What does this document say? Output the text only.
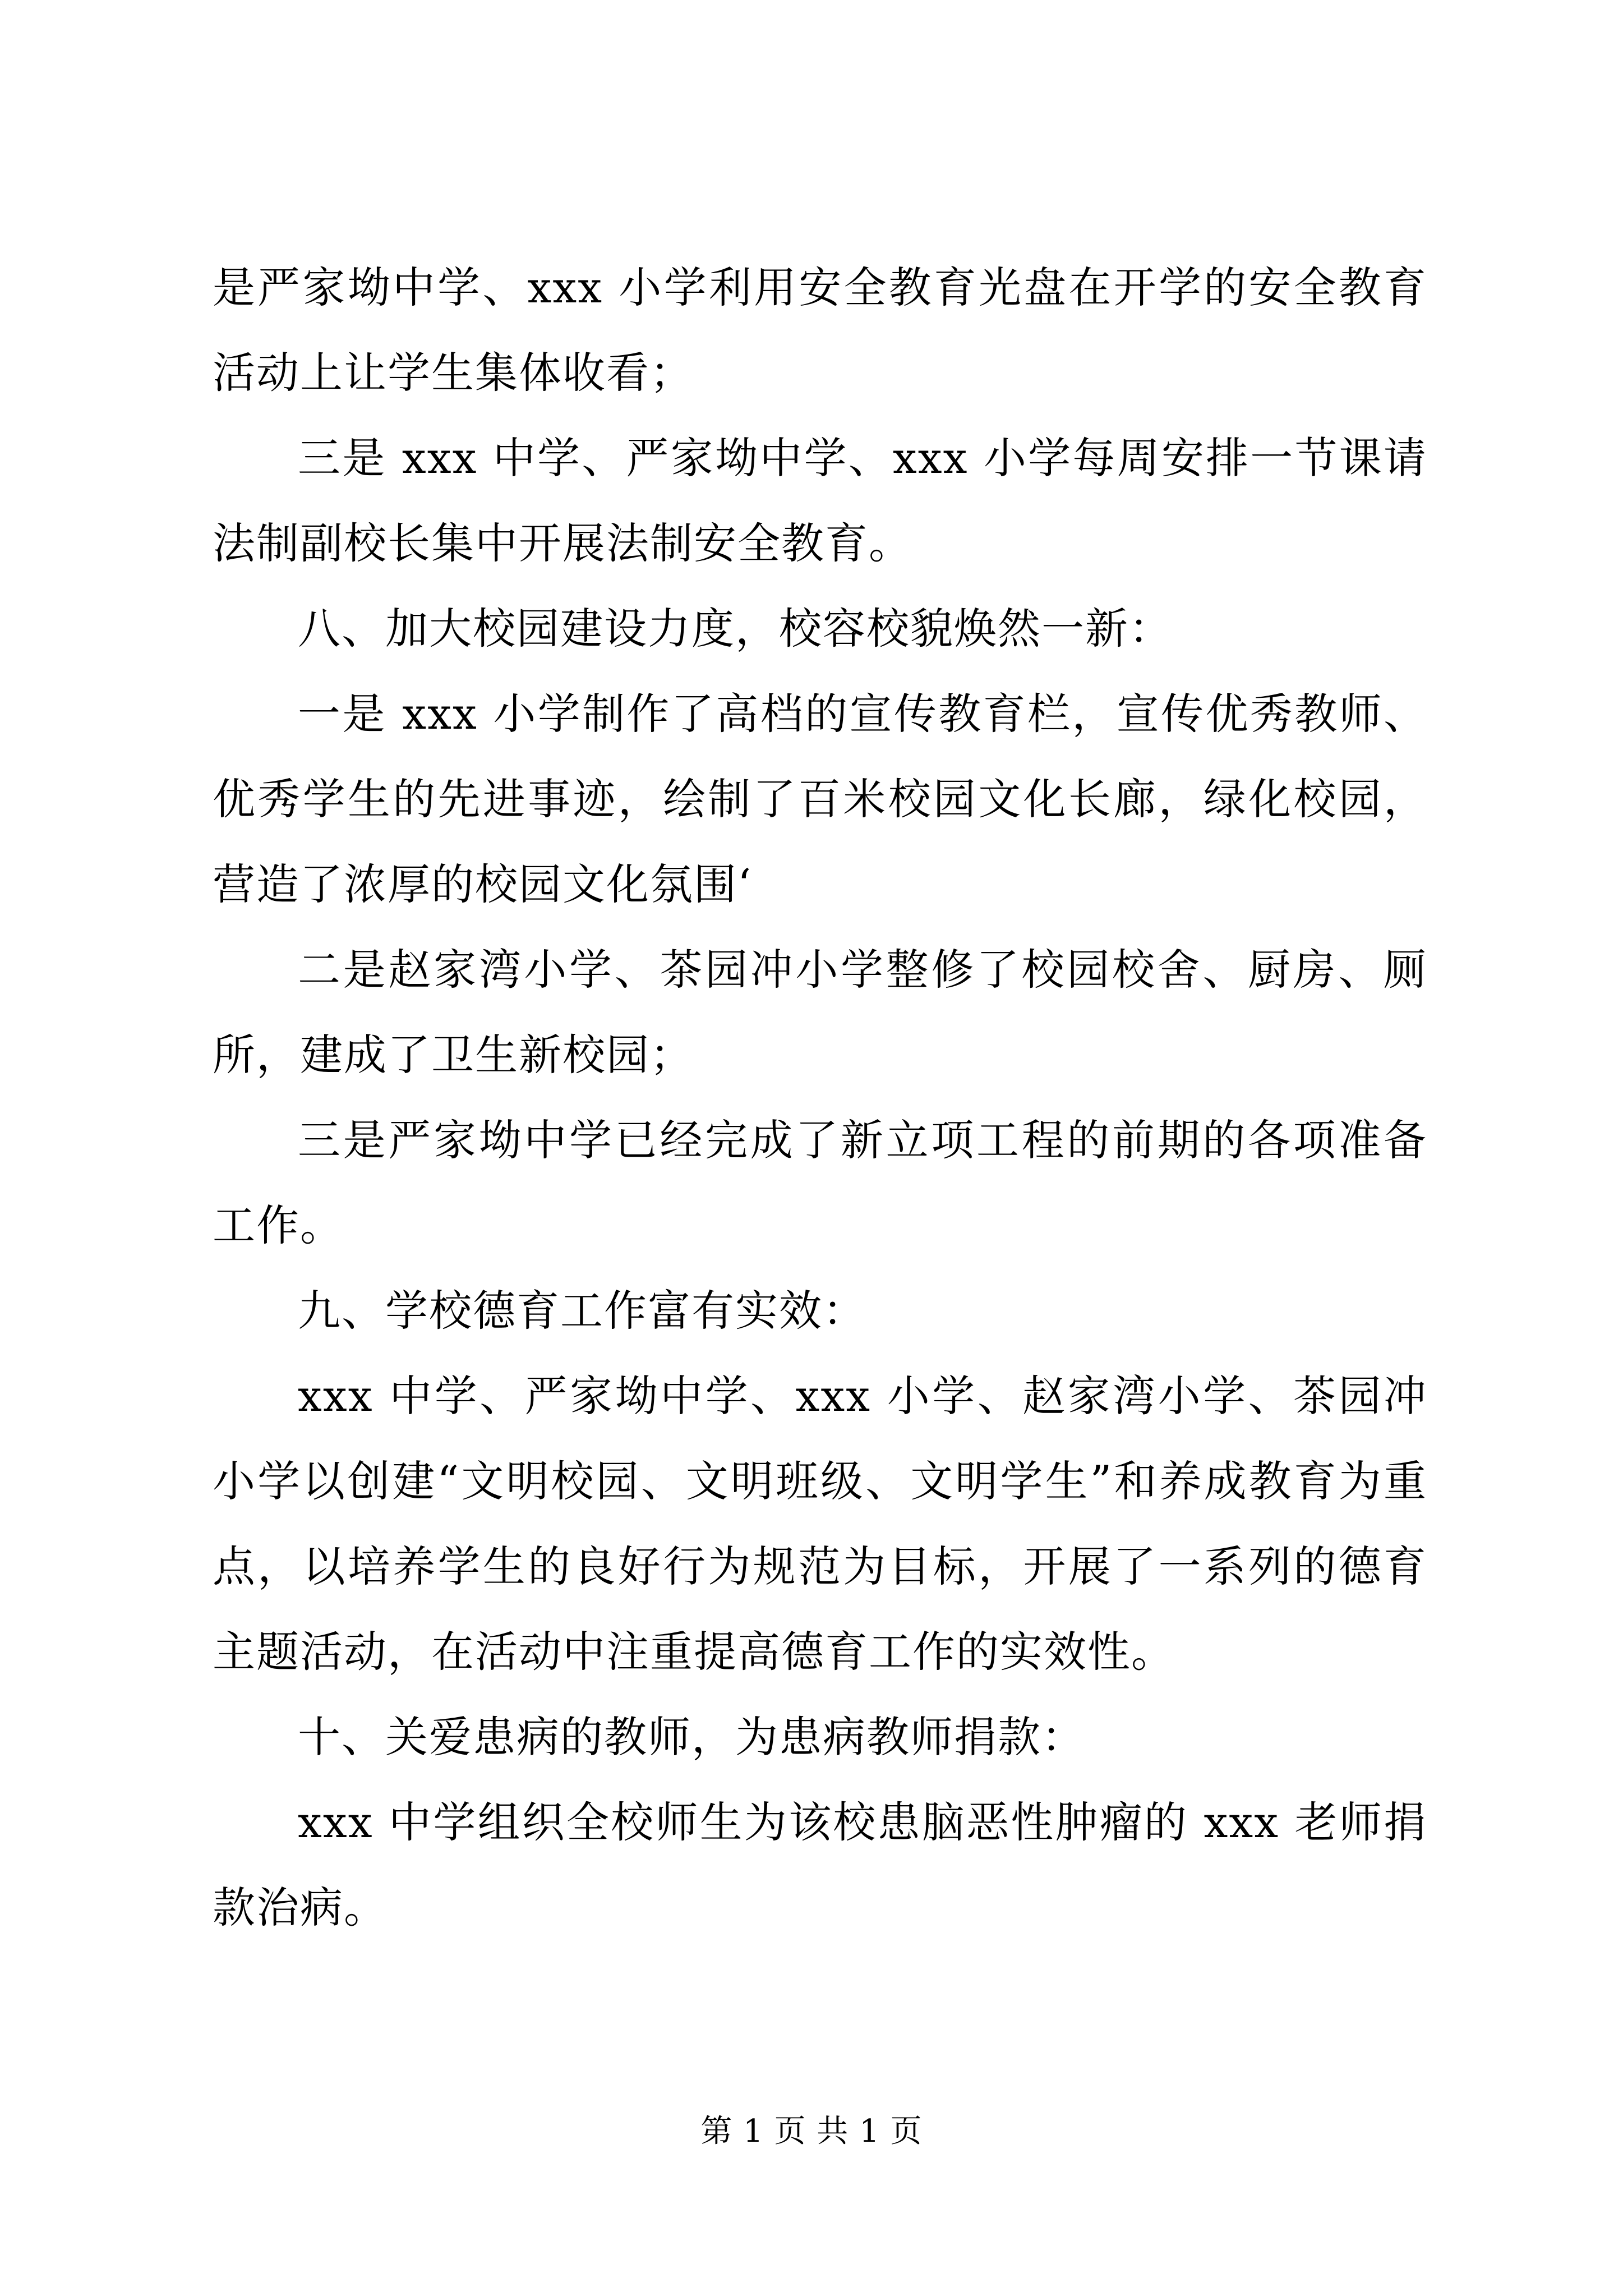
是严家坳中学、xxx 小学利用安全教育光盘在开学的安全教育活动上让学生集体收看；

三是 xxx 中学、严家坳中学、xxx 小学每周安排一节课请法制副校长集中开展法制安全教育。

八、加大校园建设力度，校容校貌焕然一新：

一是 xxx 小学制作了高档的宣传教育栏，宣传优秀教师、优秀学生的先进事迹，绘制了百米校园文化长廊，绿化校园，营造了浓厚的校园文化氛围‘

二是赵家湾小学、茶园冲小学整修了校园校舍、厨房、厕所，建成了卫生新校园；

三是严家坳中学已经完成了新立项工程的前期的各项准备工作。

九、学校德育工作富有实效：

xxx 中学、严家坳中学、xxx 小学、赵家湾小学、茶园冲小学以创建“文明校园、文明班级、文明学生”和养成教育为重点，以培养学生的良好行为规范为目标，开展了一系列的德育主题活动，在活动中注重提高德育工作的实效性。

十、关爱患病的教师，为患病教师捐款：

xxx 中学组织全校师生为该校患脑恶性肿瘤的 xxx 老师捐款治病。

第 1 页 共 1 页
